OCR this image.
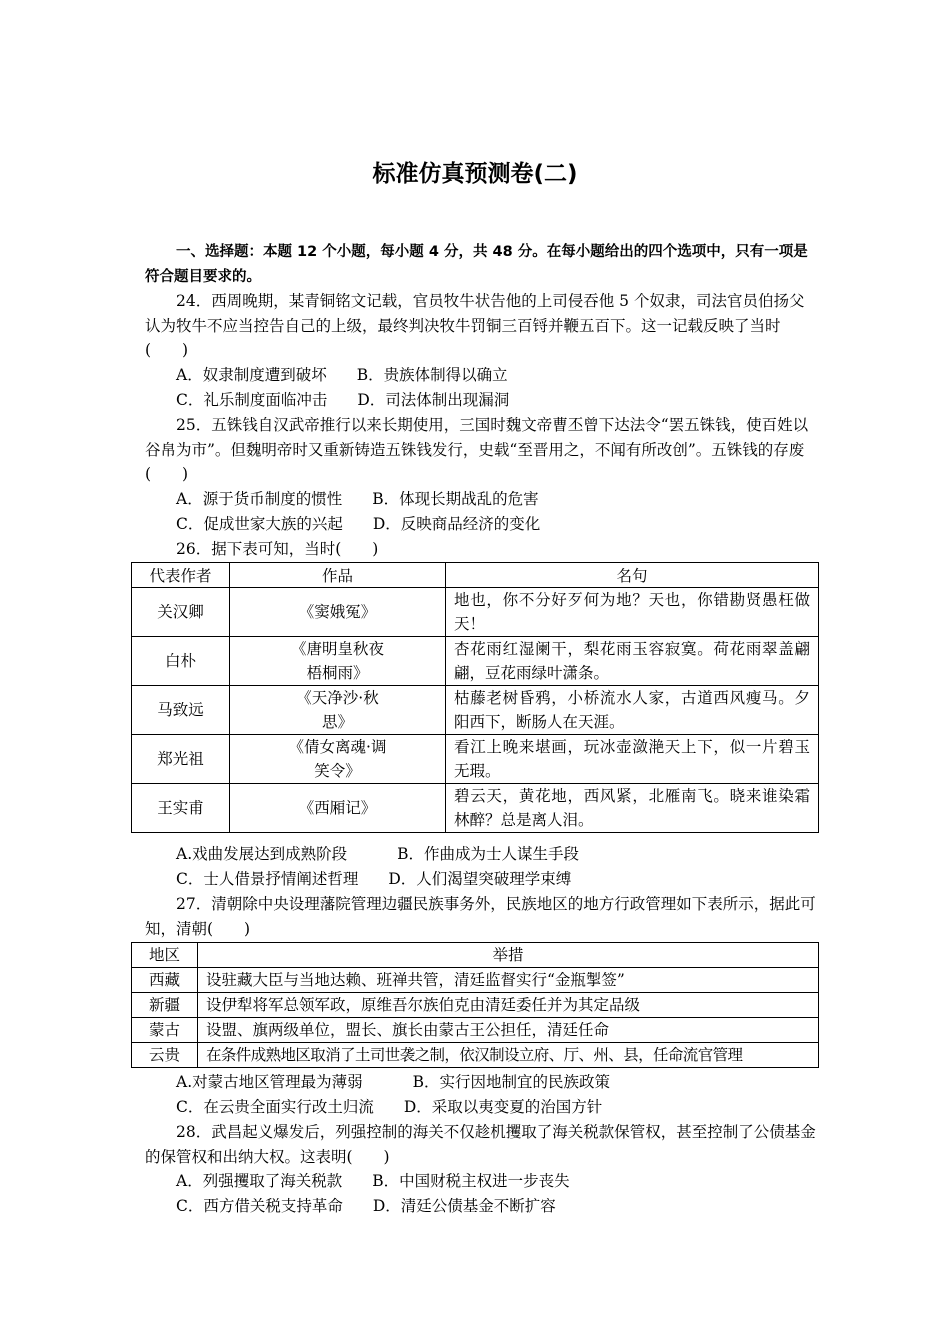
标准仿真预测卷(二)

一、选择题：本题 12 个小题，每小题 4 分，共 48 分。在每小题给出的四个选项中，只有一项是符合题目要求的。

24．西周晚期，某青铜铭文记载，官员牧牛状告他的上司侵吞他 5 个奴隶，司法官员伯扬父认为牧牛不应当控告自己的上级，最终判决牧牛罚铜三百锊并鞭五百下。这一记载反映了当时(　　)

A．奴隶制度遭到破坏 B．贵族体制得以确立
C．礼乐制度面临冲击 D．司法体制出现漏洞

25．五铢钱自汉武帝推行以来长期使用，三国时魏文帝曹丕曾下达法令“罢五铢钱，使百姓以谷帛为市”。但魏明帝时又重新铸造五铢钱发行，史载“至晋用之，不闻有所改创”。五铢钱的存废(　　)

A．源于货币制度的惯性 B．体现长期战乱的危害
C．促成世家大族的兴起 D．反映商品经济的变化

26．据下表可知，当时(　　)

代表作者	作品	名句
关汉卿	《窦娥冤》	地也，你不分好歹何为地？天也，你错勘贤愚枉做天！
白朴	《唐明皇秋夜梧桐雨》	杏花雨红湿阑干，梨花雨玉容寂寞。荷花雨翠盖翩翩，豆花雨绿叶潇条。
马致远	《天净沙·秋思》	枯藤老树昏鸦，小桥流水人家，古道西风瘦马。夕阳西下，断肠人在天涯。
郑光祖	《倩女离魂·调笑令》	看江上晚来堪画，玩冰壶潋滟天上下，似一片碧玉无瑕。
王实甫	《西厢记》	碧云天，黄花地，西风紧，北雁南飞。晓来谁染霜林醉？总是离人泪。
A.戏曲发展达到成熟阶段	B．作曲成为士人谋生手段
C．士人借景抒情阐述哲理 D．人们渴望突破理学束缚

27．清朝除中央设理藩院管理边疆民族事务外，民族地区的地方行政管理如下表所示，据此可知，清朝(　　)

地区	举措
西藏	设驻藏大臣与当地达赖、班禅共管，清廷监督实行“金瓶掣签”
新疆	设伊犁将军总领军政，原维吾尔族伯克由清廷委任并为其定品级
蒙古	设盟、旗两级单位，盟长、旗长由蒙古王公担任，清廷任命
云贵	在条件成熟地区取消了土司世袭之制，依汉制设立府、厅、州、县，任命流官管理
A.对蒙古地区管理最为薄弱	B．实行因地制宜的民族政策
C．在云贵全面实行改土归流 D．采取以夷变夏的治国方针

28．武昌起义爆发后，列强控制的海关不仅趁机攫取了海关税款保管权，甚至控制了公债基金的保管权和出纳大权。这表明(　　)

A．列强攫取了海关税款 B．中国财税主权进一步丧失
C．西方借关税支持革命 D．清廷公债基金不断扩容
